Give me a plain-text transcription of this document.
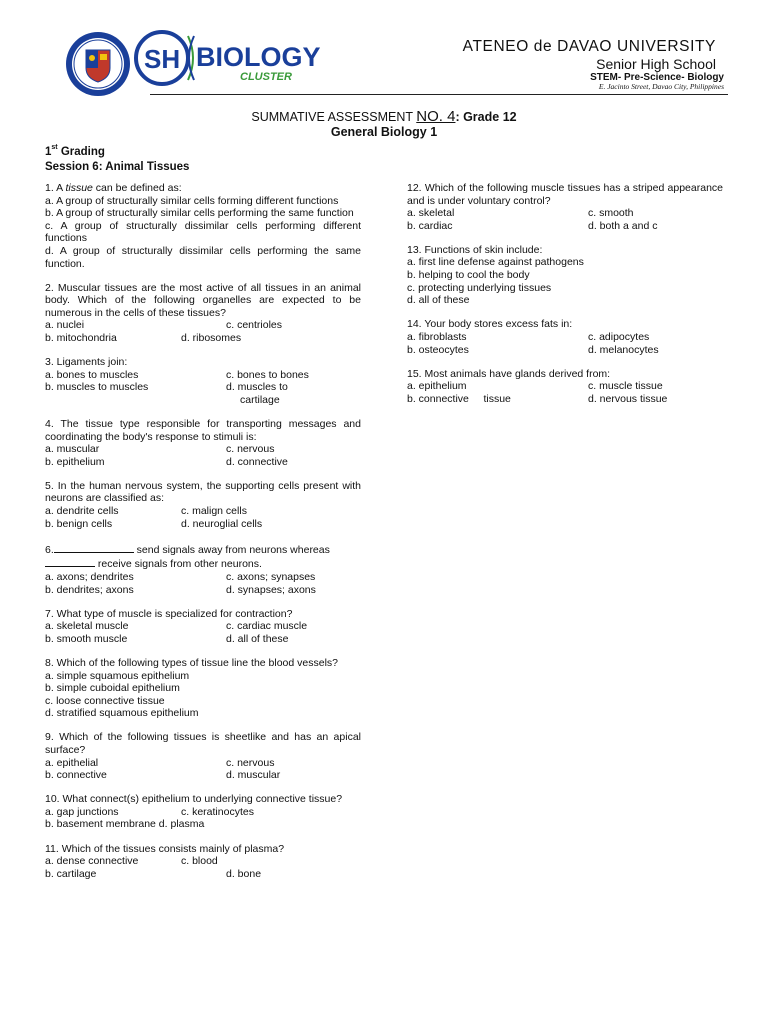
SH BIOLOGY
CLUSTER
ATENEO de DAVAO UNIVERSITY
Senior High School
STEM- Pre-Science- Biology
E. Jacinto Street, Davao City, Philippines
SUMMATIVE ASSESSMENT NO. 4: Grade 12
General Biology 1
1st Grading
Session 6: Animal Tissues
1. A tissue can be defined as:
a. A group of structurally similar cells forming different functions
b. A group of structurally similar cells performing the same function
c. A group of structurally dissimilar cells performing different functions
d. A group of structurally dissimilar cells performing the same function.
2. Muscular tissues are the most active of all tissues in an animal body. Which of the following organelles are expected to be numerous in the cells of these tissues?
a. nuclei	c. centrioles
b. mitochondria	d. ribosomes
3. Ligaments join:
a. bones to muscles	c. bones to bones
b. muscles to muscles	d. muscles to
cartilage
4. The tissue type responsible for transporting messages and coordinating the body's response to stimuli is:
a. muscular	c. nervous
b. epithelium	d. connective
5. In the human nervous system, the supporting cells present with neurons are classified as:
a. dendrite cells	c. malign cells
b. benign cells	d. neuroglial cells
6.	send signals away from neurons whereas
receive signals from other neurons.
a. axons; dendrites	c. axons; synapses
b. dendrites; axons	d. synapses; axons
7. What type of muscle is specialized for contraction?
a. skeletal muscle	c. cardiac muscle
b. smooth muscle	d. all of these
8. Which of the following types of tissue line the blood vessels?
a. simple squamous epithelium
b. simple cuboidal epithelium
c. loose connective tissue
d. stratified squamous epithelium
9. Which of the following tissues is sheetlike and has an apical surface?
a. epithelial	c. nervous
b. connective	d. muscular
10. What connect(s) epithelium to underlying connective tissue?
a. gap junctions	c. keratinocytes
b. basement membrane d. plasma
11. Which of the tissues consists mainly of plasma?
a. dense connective	c. blood
b. cartilage	d. bone
12. Which of the following muscle tissues has a striped appearance and is under voluntary control?
a. skeletal	c. smooth
b. cardiac	d. both a and c
13. Functions of skin include:
a. first line defense against pathogens
b. helping to cool the body
c. protecting underlying tissues
d. all of these
14. Your body stores excess fats in:
a. fibroblasts	c. adipocytes
b. osteocytes	d. melanocytes
15. Most animals have glands derived from:
a. epithelium	c. muscle tissue
b. connective     tissue	d. nervous tissue
